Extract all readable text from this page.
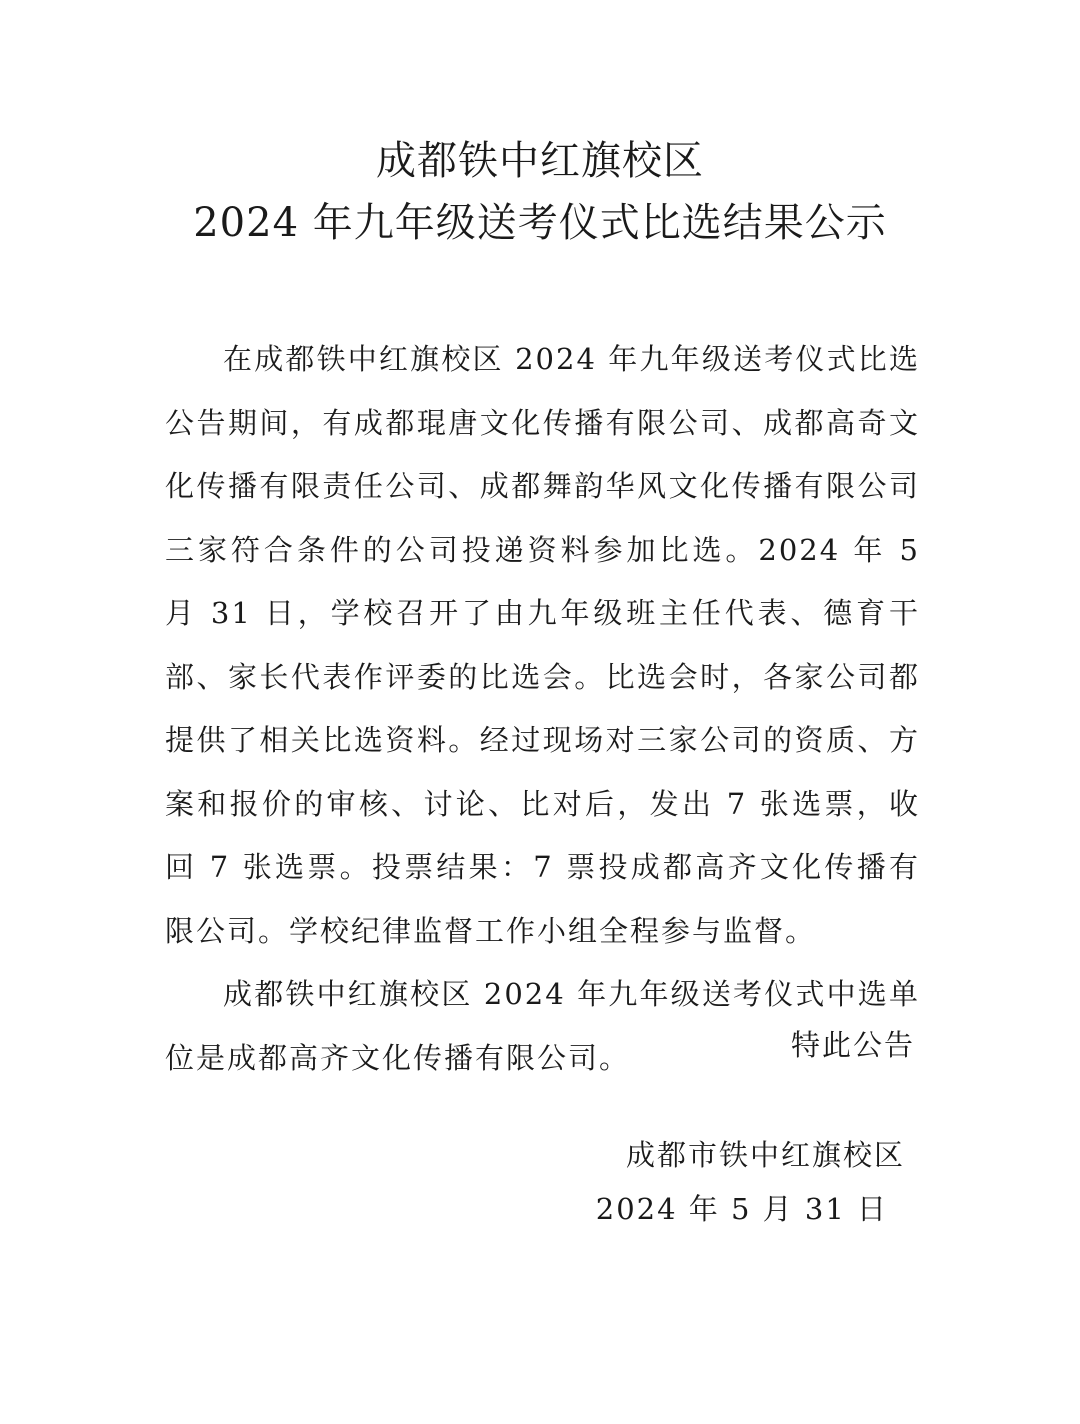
成都铁中红旗校区
2024 年九年级送考仪式比选结果公示

在成都铁中红旗校区 2024 年九年级送考仪式比选公告期间，有成都琨唐文化传播有限公司、成都高奇文化传播有限责任公司、成都舞韵华风文化传播有限公司三家符合条件的公司投递资料参加比选。2024 年 5 月 31 日，学校召开了由九年级班主任代表、德育干部、家长代表作评委的比选会。比选会时，各家公司都提供了相关比选资料。经过现场对三家公司的资质、方案和报价的审核、讨论、比对后，发出 7 张选票，收回 7 张选票。投票结果：7 票投成都高齐文化传播有限公司。学校纪律监督工作小组全程参与监督。

成都铁中红旗校区 2024 年九年级送考仪式中选单位是成都高齐文化传播有限公司。	特此公告
成都市铁中红旗校区
2024 年 5 月 31 日
